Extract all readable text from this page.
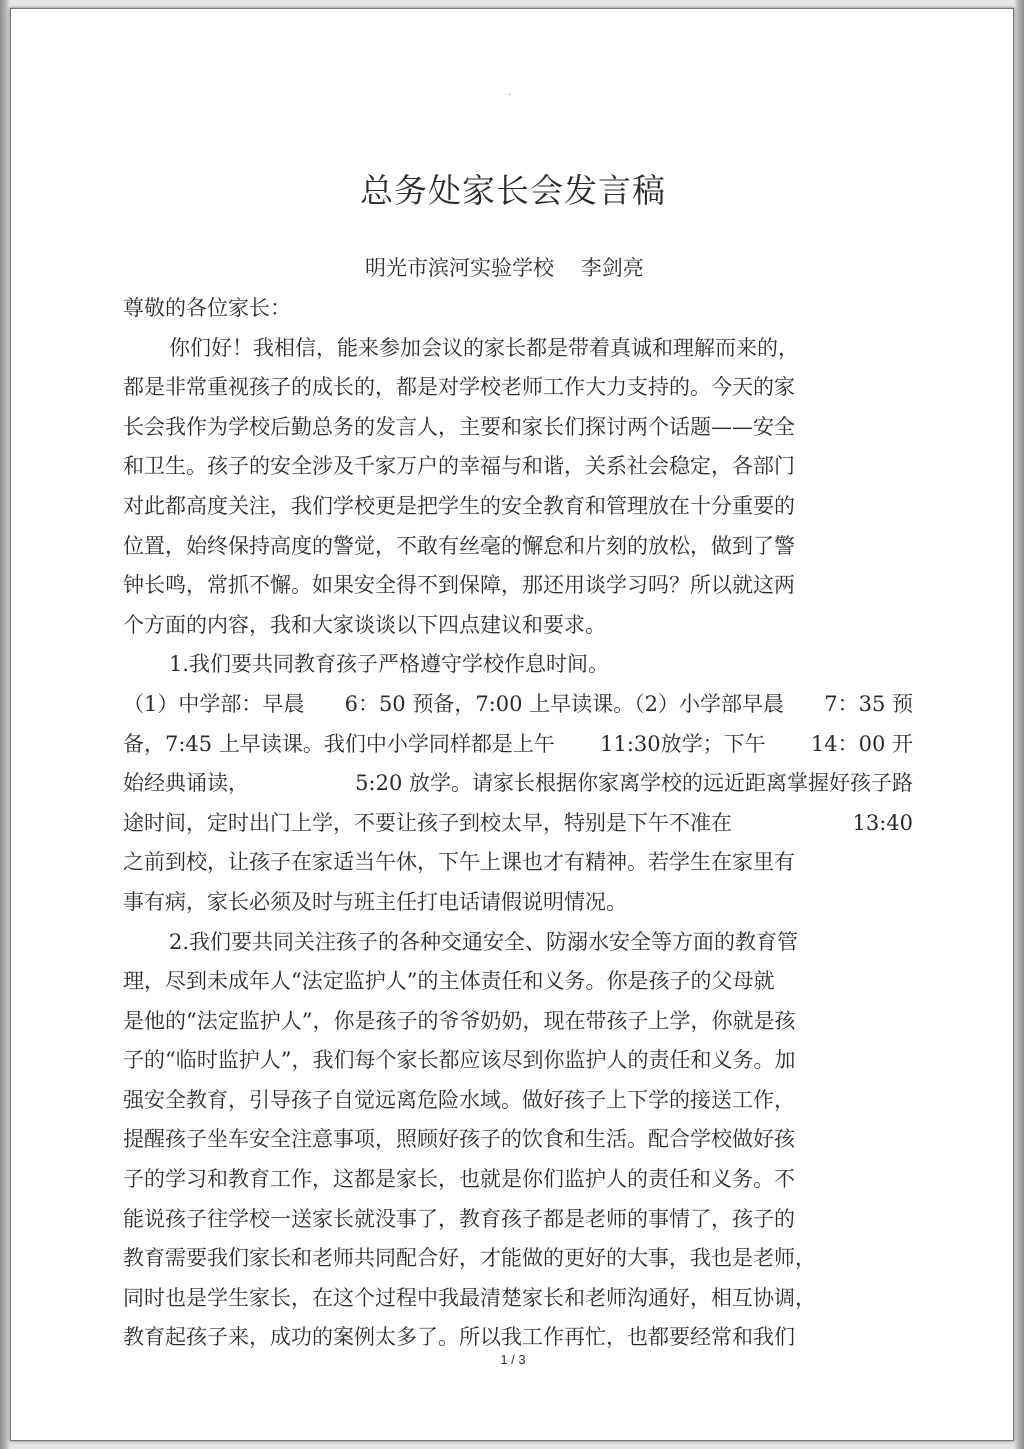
.
总务处家长会发言稿
明光市滨河实验学校 李剑亮
尊敬的各位家长：
你们好！我相信，能来参加会议的家长都是带着真诚和理解而来的，
都是非常重视孩子的成长的，都是对学校老师工作大力支持的。今天的家
长会我作为学校后勤总务的发言人，主要和家长们探讨两个话题——安全
和卫生。孩子的安全涉及千家万户的幸福与和谐，关系社会稳定，各部门
对此都高度关注，我们学校更是把学生的安全教育和管理放在十分重要的
位置，始终保持高度的警觉，不敢有丝毫的懈怠和片刻的放松，做到了警
钟长鸣，常抓不懈。如果安全得不到保障，那还用谈学习吗？所以就这两
个方面的内容，我和大家谈谈以下四点建议和要求。
1.我们要共同教育孩子严格遵守学校作息时间。
（1）中学部：早晨 6：50 预备，7:00 上早读课。（2）小学部早晨 7：35 预
备，7:45 上早读课。我们中小学同样都是上午 11:30放学；下午 14：00 开
始经典诵读，	5:20 放学。请家长根据你家离学校的远近距离掌握好孩子路
途时间，定时出门上学，不要让孩子到校太早，特别是下午不准在	13:40
之前到校，让孩子在家适当午休，下午上课也才有精神。若学生在家里有
事有病，家长必须及时与班主任打电话请假说明情况。
2.我们要共同关注孩子的各种交通安全、防溺水安全等方面的教育管
理，尽到未成年人“法定监护人”的主体责任和义务。你是孩子的父母就
是他的“法定监护人”，你是孩子的爷爷奶奶，现在带孩子上学，你就是孩
子的“临时监护人”，我们每个家长都应该尽到你监护人的责任和义务。加
强安全教育，引导孩子自觉远离危险水域。做好孩子上下学的接送工作，
提醒孩子坐车安全注意事项，照顾好孩子的饮食和生活。配合学校做好孩
子的学习和教育工作，这都是家长，也就是你们监护人的责任和义务。不
能说孩子往学校一送家长就没事了，教育孩子都是老师的事情了，孩子的
教育需要我们家长和老师共同配合好，才能做的更好的大事，我也是老师，
同时也是学生家长，在这个过程中我最清楚家长和老师沟通好，相互协调，
教育起孩子来，成功的案例太多了。所以我工作再忙，也都要经常和我们
1 / 3
